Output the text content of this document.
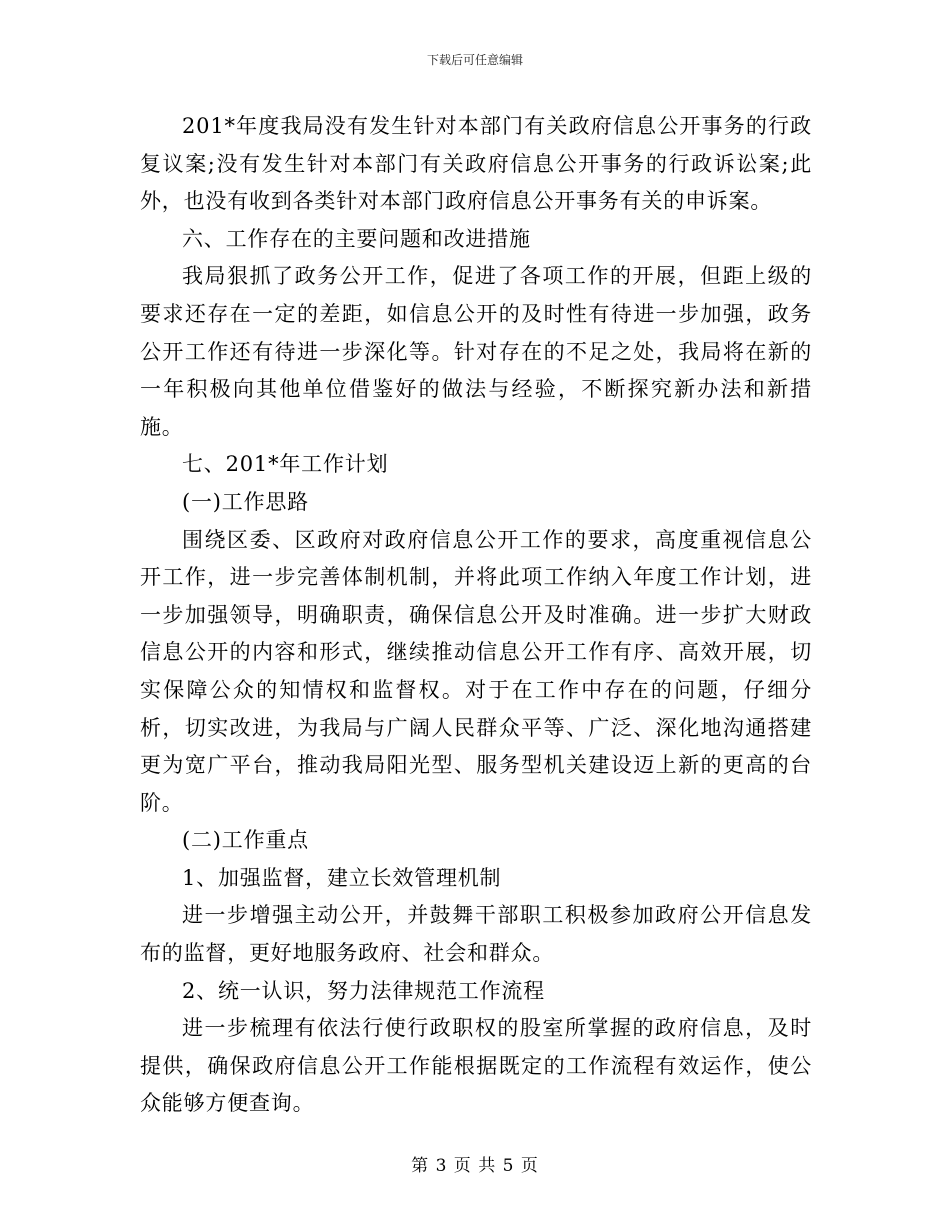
下载后可任意编辑

201*年度我局没有发生针对本部门有关政府信息公开事务的行政复议案;没有发生针对本部门有关政府信息公开事务的行政诉讼案;此外，也没有收到各类针对本部门政府信息公开事务有关的申诉案。

六、工作存在的主要问题和改进措施

我局狠抓了政务公开工作，促进了各项工作的开展，但距上级的要求还存在一定的差距，如信息公开的及时性有待进一步加强，政务公开工作还有待进一步深化等。针对存在的不足之处，我局将在新的一年积极向其他单位借鉴好的做法与经验，不断探究新办法和新措施。

七、201*年工作计划

(一)工作思路

围绕区委、区政府对政府信息公开工作的要求，高度重视信息公开工作，进一步完善体制机制，并将此项工作纳入年度工作计划，进一步加强领导，明确职责，确保信息公开及时准确。进一步扩大财政信息公开的内容和形式，继续推动信息公开工作有序、高效开展，切实保障公众的知情权和监督权。对于在工作中存在的问题，仔细分析，切实改进，为我局与广阔人民群众平等、广泛、深化地沟通搭建更为宽广平台，推动我局阳光型、服务型机关建设迈上新的更高的台阶。

(二)工作重点

1、加强监督，建立长效管理机制

进一步增强主动公开，并鼓舞干部职工积极参加政府公开信息发布的监督，更好地服务政府、社会和群众。

2、统一认识，努力法律规范工作流程

进一步梳理有依法行使行政职权的股室所掌握的政府信息，及时提供，确保政府信息公开工作能根据既定的工作流程有效运作，使公众能够方便查询。

第 3 页 共 5 页
